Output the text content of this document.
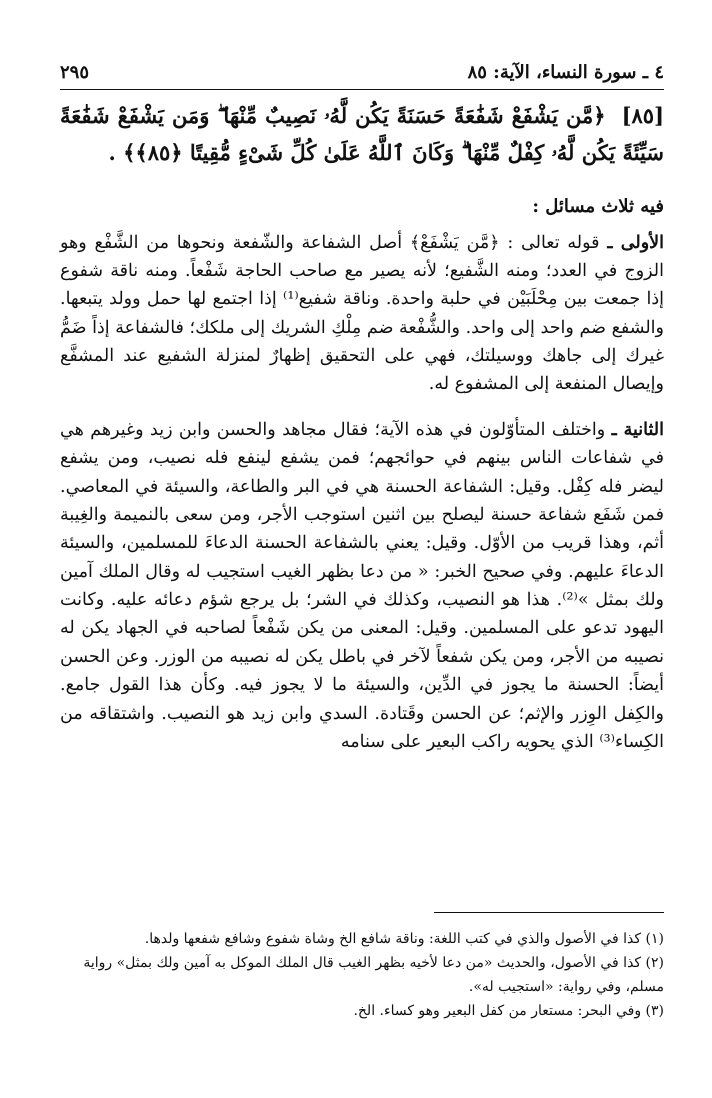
٤ ـ سورة النساء، الآية: ٨٥
٢٩٥
[٨٥] ﴿مَّن يَشْفَعْ شَفَٰعَةً حَسَنَةً يَكُن لَّهُۥ نَصِيبٌ مِّنْهَا ۖ وَمَن يَشْفَعْ شَفَٰعَةً سَيِّئَةً يَكُن لَّهُۥ كِفْلٌ مِّنْهَا ۗ وَكَانَ ٱللَّهُ عَلَىٰ كُلِّ شَىْءٍ مُّقِيتًا ﴿٨٥﴾﴾ .
فيه ثلاث مسائل :

الأولى ـ قوله تعالى : ﴿مَّن يَشْفَعْ﴾ أصل الشفاعة والشّفعة ونحوها من الشَّفْع وهو الزوج في العدد؛ ومنه الشَّفيع؛ لأنه يصير مع صاحب الحاجة شَفْعاً. ومنه ناقة شفوع إذا جمعت بين مِحْلَبَيْن في حلبة واحدة. وناقة شفيع⁽¹⁾ إذا اجتمع لها حمل وولد يتبعها. والشفع ضم واحد إلى واحد. والشُّفْعة ضم مِلْكِ الشريك إلى ملكك؛ فالشفاعة إذاً ضَمُّ غيرك إلى جاهك ووسيلتك، فهي على التحقيق إظهارٌ لمنزلة الشفيع عند المشفَّع وإيصال المنفعة إلى المشفوع له.

الثانية ـ واختلف المتأوّلون في هذه الآية؛ فقال مجاهد والحسن وابن زيد وغيرهم هي في شفاعات الناس بينهم في حوائجهم؛ فمن يشفع لينفع فله نصيب، ومن يشفع ليضر فله كِفْل. وقيل: الشفاعة الحسنة هي في البر والطاعة، والسيئة في المعاصي. فمن شَفَع شفاعة حسنة ليصلح بين اثنين استوجب الأجر، ومن سعى بالنميمة والغِيبة أثم، وهذا قريب من الأوّل. وقيل: يعني بالشفاعة الحسنة الدعاءَ للمسلمين، والسيئة الدعاءَ عليهم. وفي صحيح الخبر: « من دعا بظهر الغيب استجيب له وقال الملك آمين ولك بمثل »⁽²⁾. هذا هو النصيب، وكذلك في الشر؛ بل يرجع شؤم دعائه عليه. وكانت اليهود تدعو على المسلمين. وقيل: المعنى من يكن شَفْعاً لصاحبه في الجهاد يكن له نصيبه من الأجر، ومن يكن شفعاً لآخر في باطل يكن له نصيبه من الوزر. وعن الحسن أيضاً: الحسنة ما يجوز في الدِّين، والسيئة ما لا يجوز فيه. وكأن هذا القول جامع. والكِفل الوِزر والإثم؛ عن الحسن وقَتادة. السدي وابن زيد هو النصيب. واشتقاقه من الكِساء⁽³⁾ الذي يحويه راكب البعير على سنامه

(١) كذا في الأصول والذي في كتب اللغة: وناقة شافع الخ وشاة شفوع وشافع شفعها ولدها.

(٢) كذا في الأصول، والحديث «من دعا لأخيه بظهر الغيب قال الملك الموكل به آمين ولك بمثل» رواية مسلم، وفي رواية: «استجيب له».

(٣) وفي البحر: مستعار من كفل البعير وهو كساء. الخ.
